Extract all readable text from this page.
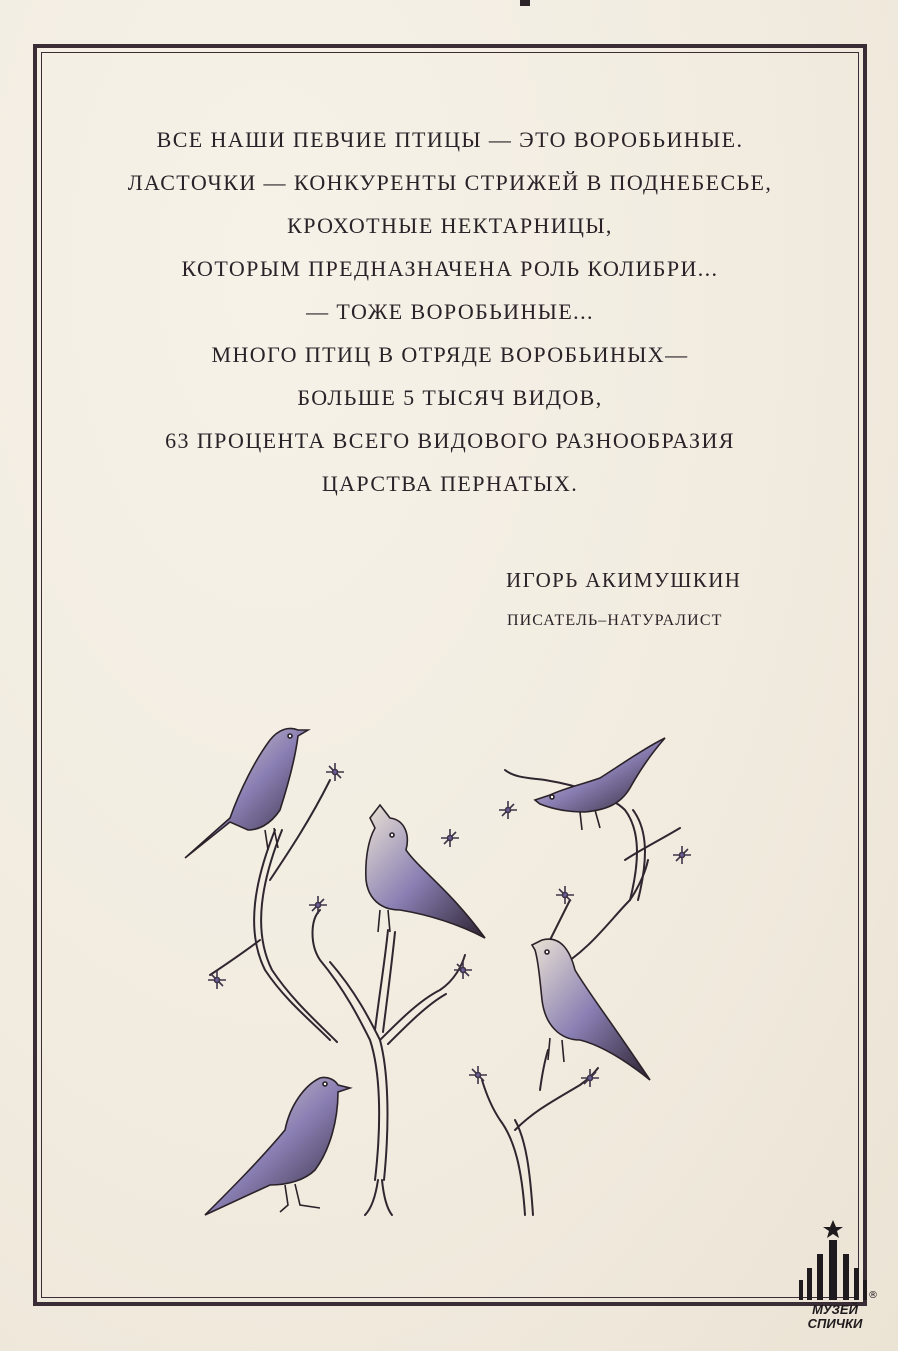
ВСЕ НАШИ ПЕВЧИЕ ПТИЦЫ — ЭТО ВОРОБЬИНЫЕ.
ЛАСТОЧКИ — КОНКУРЕНТЫ СТРИЖЕЙ В ПОДНЕБЕСЬЕ,
КРОХОТНЫЕ НЕКТАРНИЦЫ,
КОТОРЫМ ПРЕДНАЗНАЧЕНА РОЛЬ КОЛИБРИ...
— ТОЖЕ ВОРОБЬИНЫЕ...
МНОГО ПТИЦ В ОТРЯДЕ ВОРОБЬИНЫХ—
БОЛЬШЕ 5 ТЫСЯЧ ВИДОВ,
63 ПРОЦЕНТА ВСЕГО ВИДОВОГО РАЗНООБРАЗИЯ
ЦАРСТВА ПЕРНАТЫХ.
ИГОРЬ АКИМУШКИН
ПИСАТЕЛЬ–НАТУРАЛИСТ
МУЗЕЙ
СПИЧКИ
®
